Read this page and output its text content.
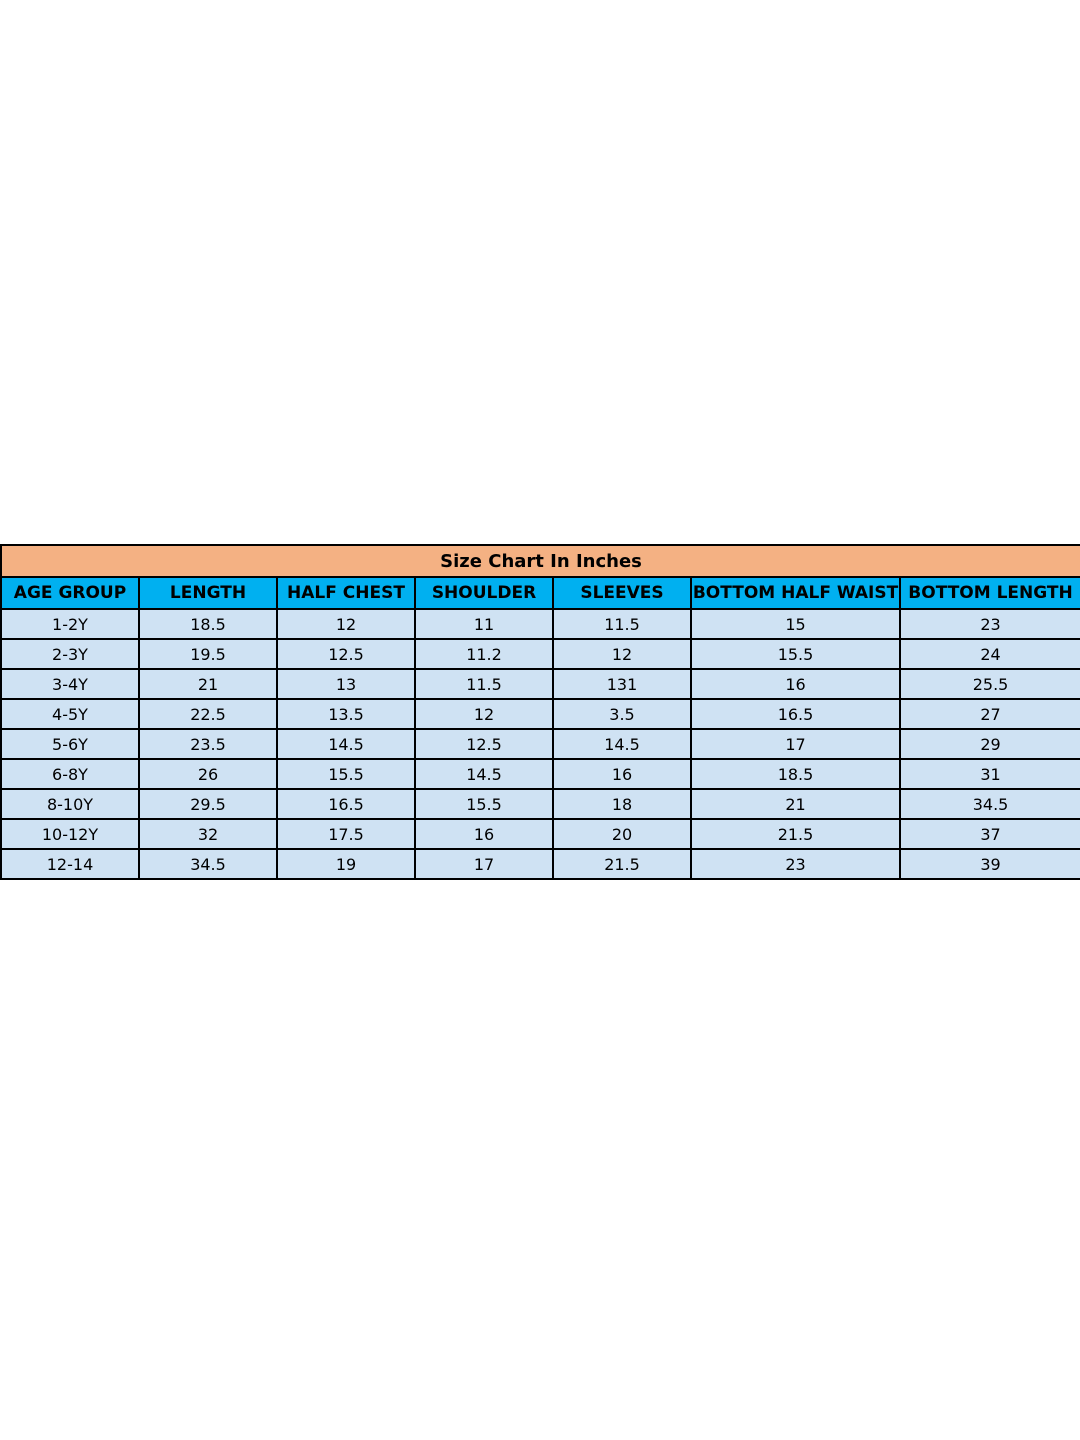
Size Chart In Inches						
AGE GROUP	LENGTH	HALF CHEST	SHOULDER	SLEEVES	BOTTOM HALF WAIST	BOTTOM LENGTH
1-2Y	18.5	12	11	11.5	15	23
2-3Y	19.5	12.5	11.2	12	15.5	24
3-4Y	21	13	11.5	131	16	25.5
4-5Y	22.5	13.5	12	3.5	16.5	27
5-6Y	23.5	14.5	12.5	14.5	17	29
6-8Y	26	15.5	14.5	16	18.5	31
8-10Y	29.5	16.5	15.5	18	21	34.5
10-12Y	32	17.5	16	20	21.5	37
12-14	34.5	19	17	21.5	23	39
